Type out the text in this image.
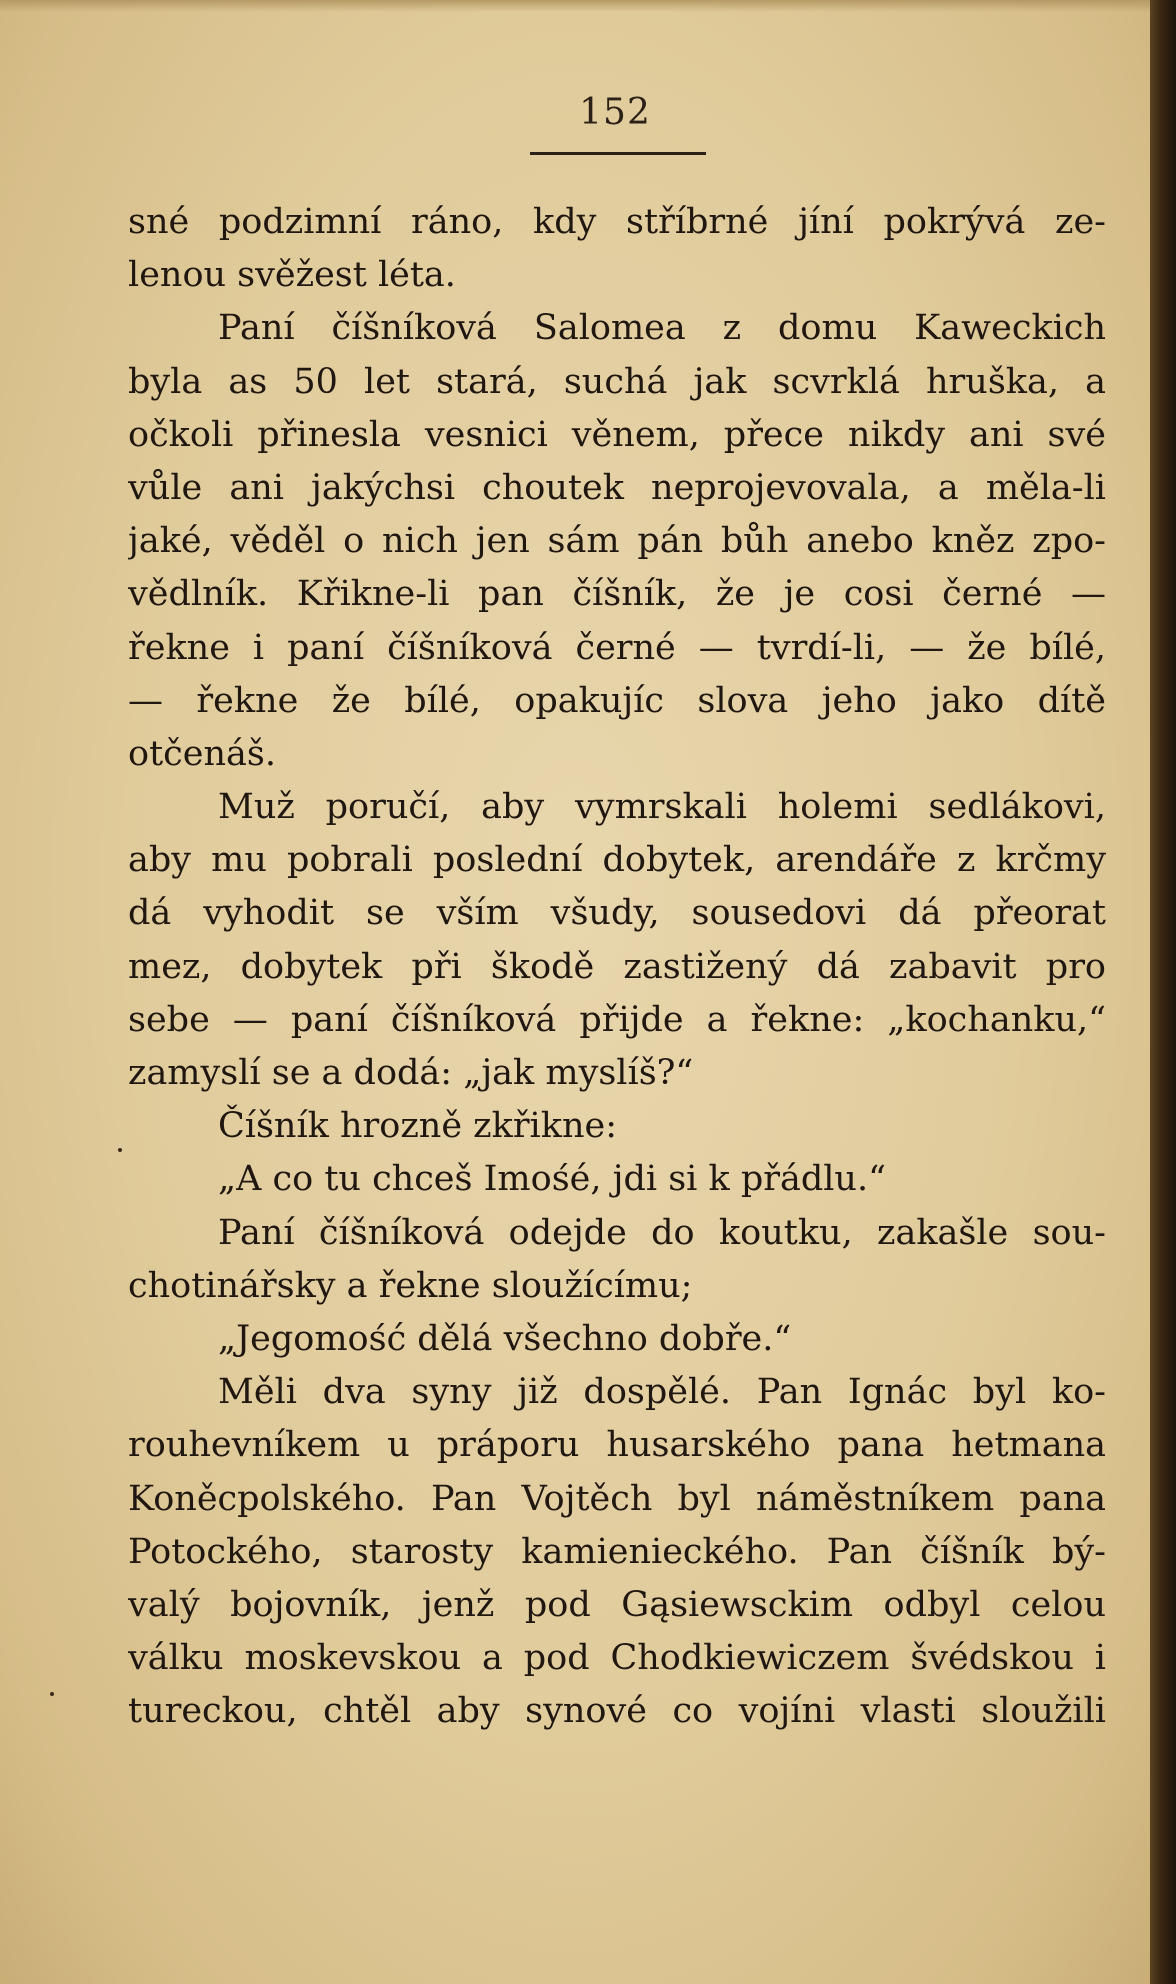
152
sné podzimní ráno, kdy stříbrné jíní pokrývá ze-
lenou svěžest léta.
Paní číšníková Salomea z domu Kaweckich
byla as 50 let stará, suchá jak scvrklá hruška, a
očkoli přinesla vesnici věnem, přece nikdy ani své
vůle ani jakýchsi choutek neprojevovala, a měla-li
jaké, věděl o nich jen sám pán bůh anebo kněz zpo-
vědlník. Křikne-li pan číšník, že je cosi černé —
řekne i paní číšníková černé — tvrdí-li, — že bílé,
— řekne že bílé, opakujíc slova jeho jako dítě
otčenáš.
Muž poručí, aby vymrskali holemi sedlákovi,
aby mu pobrali poslední dobytek, arendáře z krčmy
dá vyhodit se vším všudy, sousedovi dá přeorat
mez, dobytek při škodě zastižený dá zabavit pro
sebe — paní číšníková přijde a řekne: „kochanku,“
zamyslí se a dodá: „jak myslíš?“
Číšník hrozně zkřikne:
„A co tu chceš Imośé, jdi si k přádlu.“
Paní číšníková odejde do koutku, zakašle sou-
chotinářsky a řekne sloužícímu;
„Jegomość dělá všechno dobře.“
Měli dva syny již dospělé. Pan Ignác byl ko-
rouhevníkem u práporu husarského pana hetmana
Koněcpolského. Pan Vojtěch byl náměstníkem pana
Potockého, starosty kamienieckého. Pan číšník bý-
valý bojovník, jenž pod Gąsiewsckim odbyl celou
válku moskevskou a pod Chodkiewiczem švédskou i
tureckou, chtěl aby synové co vojíni vlasti sloužili
